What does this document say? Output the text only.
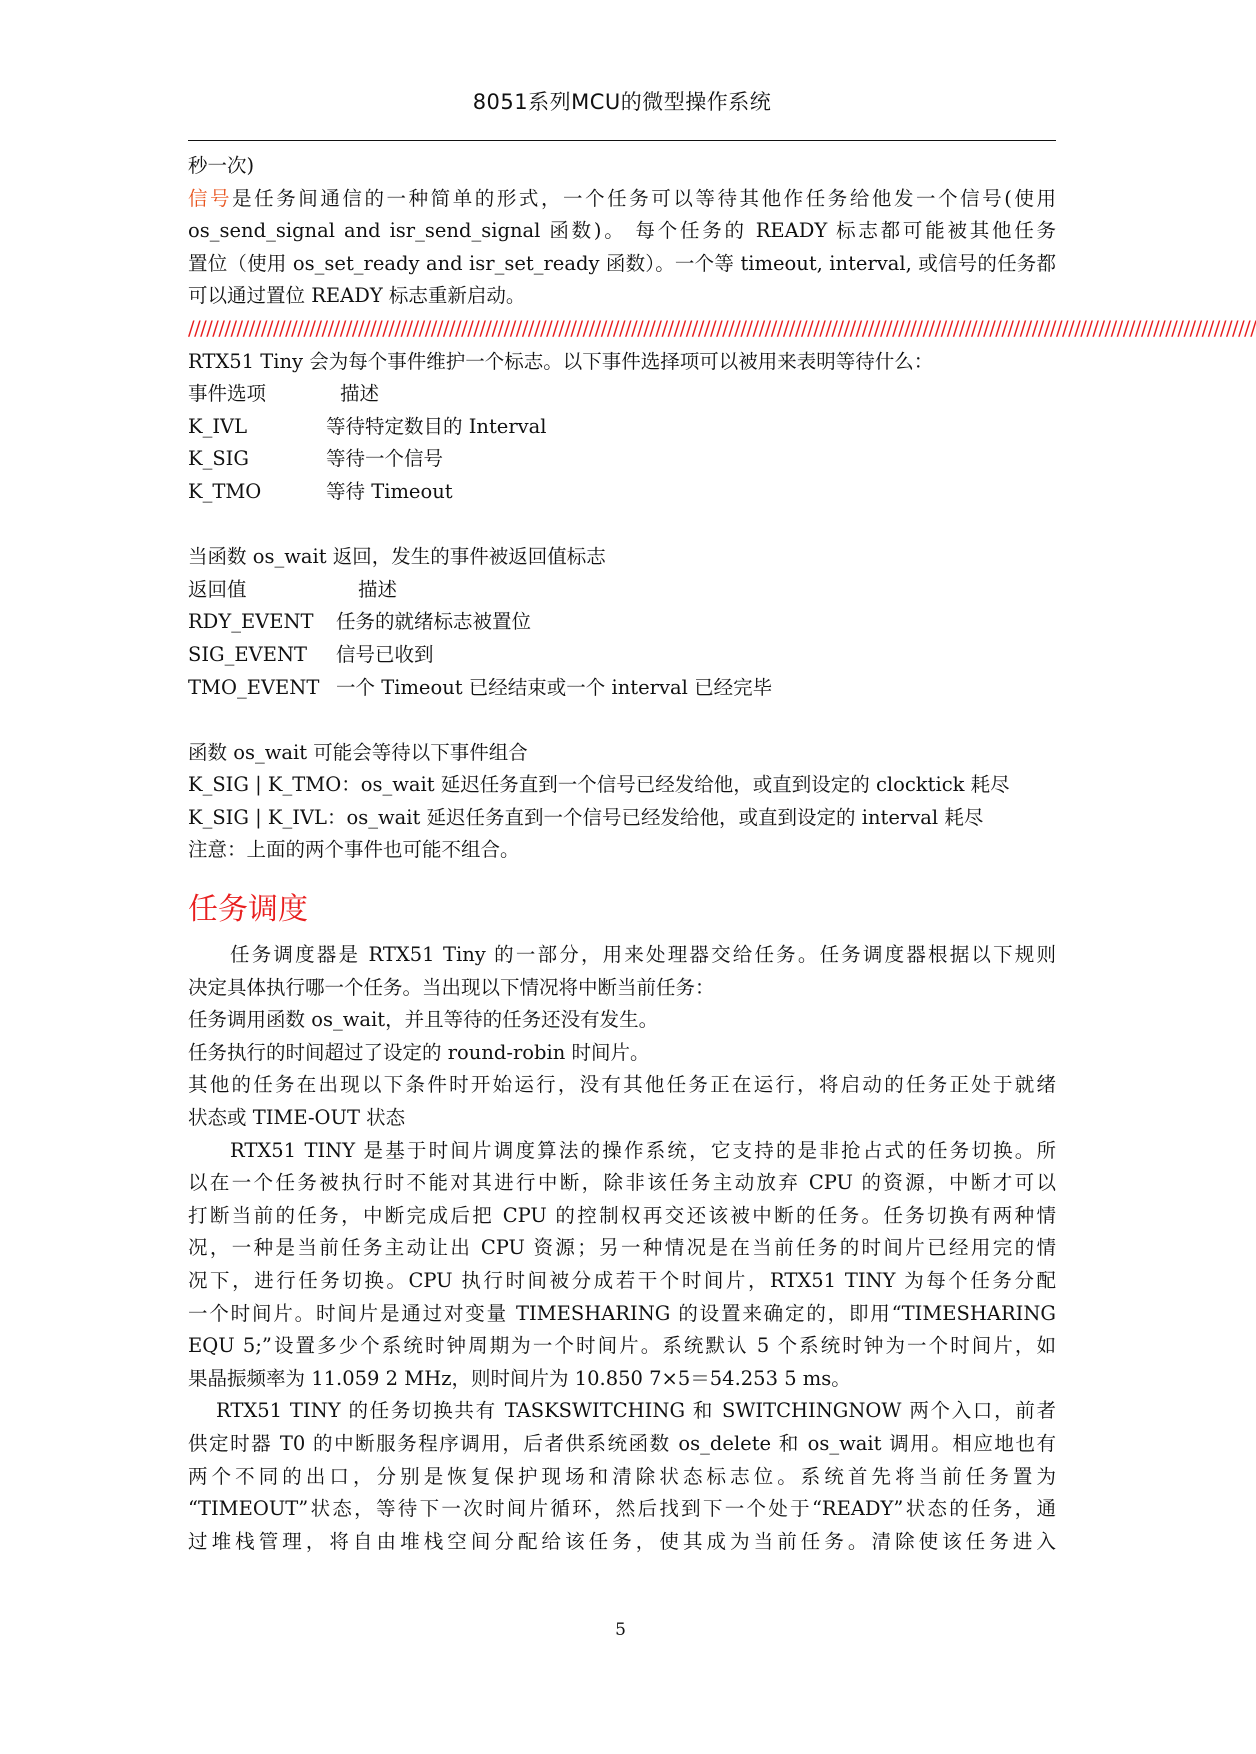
8051系列MCU的微型操作系统
秒一次)
信号是任务间通信的一种简单的形式，一个任务可以等待其他作任务给他发一个信号(使用
os_send_signal and isr_send_signal 函数)。 每个任务的 READY 标志都可能被其他任务
置位（使用 os_set_ready and isr_set_ready 函数）。一个等 timeout, interval, 或信号的任务都
可以通过置位 READY 标志重新启动。
////////////////////////////////////////////////////////////////////////////////////////////////////////////////////////////////////////////////////////////////////////////////
RTX51 Tiny 会为每个事件维护一个标志。以下事件选择项可以被用来表明等待什么：
事件选项	描述
K_IVL	等待特定数目的 Interval
K_SIG	等待一个信号
K_TMO	等待 Timeout
当函数 os_wait 返回，发生的事件被返回值标志
返回值	描述
RDY_EVENT	任务的就绪标志被置位
SIG_EVENT	信号已收到
TMO_EVENT 一个 Timeout 已经结束或一个 interval 已经完毕
函数 os_wait 可能会等待以下事件组合
K_SIG | K_TMO：os_wait 延迟任务直到一个信号已经发给他，或直到设定的 clocktick 耗尽
K_SIG | K_IVL：os_wait 延迟任务直到一个信号已经发给他，或直到设定的 interval 耗尽
注意：上面的两个事件也可能不组合。
任务调度
任务调度器是 RTX51 Tiny 的一部分，用来处理器交给任务。任务调度器根据以下规则
决定具体执行哪一个任务。当出现以下情况将中断当前任务：
任务调用函数 os_wait，并且等待的任务还没有发生。
任务执行的时间超过了设定的 round-robin 时间片。
其他的任务在出现以下条件时开始运行，没有其他任务正在运行，将启动的任务正处于就绪
状态或 TIME-OUT 状态
RTX51 TINY 是基于时间片调度算法的操作系统，它支持的是非抢占式的任务切换。所
以在一个任务被执行时不能对其进行中断，除非该任务主动放弃 CPU 的资源，中断才可以
打断当前的任务，中断完成后把 CPU 的控制权再交还该被中断的任务。任务切换有两种情
况，一种是当前任务主动让出 CPU 资源；另一种情况是在当前任务的时间片已经用完的情
况下，进行任务切换。CPU 执行时间被分成若干个时间片，RTX51 TINY 为每个任务分配
一个时间片。时间片是通过对变量 TIMESHARING 的设置来确定的，即用“TIMESHARING
EQU 5;”设置多少个系统时钟周期为一个时间片。系统默认 5 个系统时钟为一个时间片，如
果晶振频率为 11.059 2 MHz，则时间片为 10.850 7×5＝54.253 5 ms。
RTX51 TINY 的任务切换共有 TASKSWITCHING 和 SWITCHINGNOW 两个入口，前者
供定时器 T0 的中断服务程序调用，后者供系统函数 os_delete 和 os_wait 调用。相应地也有
两个不同的出口，分别是恢复保护现场和清除状态标志位。系统首先将当前任务置为
“TIMEOUT”状态，等待下一次时间片循环，然后找到下一个处于“READY”状态的任务，通
过堆栈管理，将自由堆栈空间分配给该任务，使其成为当前任务。清除使该任务进入
5
